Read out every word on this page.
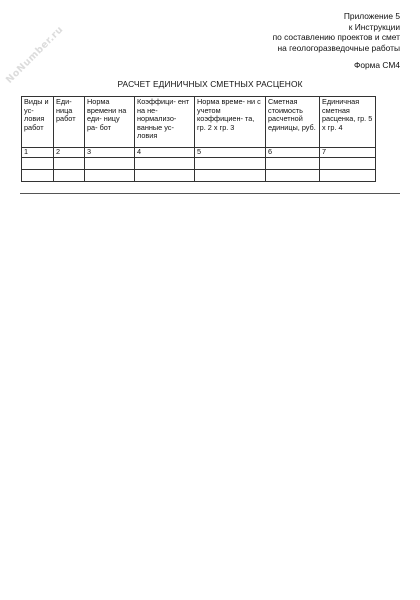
NoNumber.ru
Приложение 5
к Инструкции
по составлению проектов и смет
на геологоразведочные работы
Форма СМ4
РАСЧЕТ ЕДИНИЧНЫХ СМЕТНЫХ РАСЦЕНОК
Виды и ус- ловия работ	Еди- ница работ	Норма времени на еди- ницу ра- бот	Коэффици- ент на не- нормализо- ванные ус- ловия	Норма време- ни с учетом коэффициен- та, гр. 2 х гр. 3	Сметная стоимость расчетной единицы, руб.	Единичная сметная расценка, гр. 5 х гр. 4
1	2	3	4	5	6	7
